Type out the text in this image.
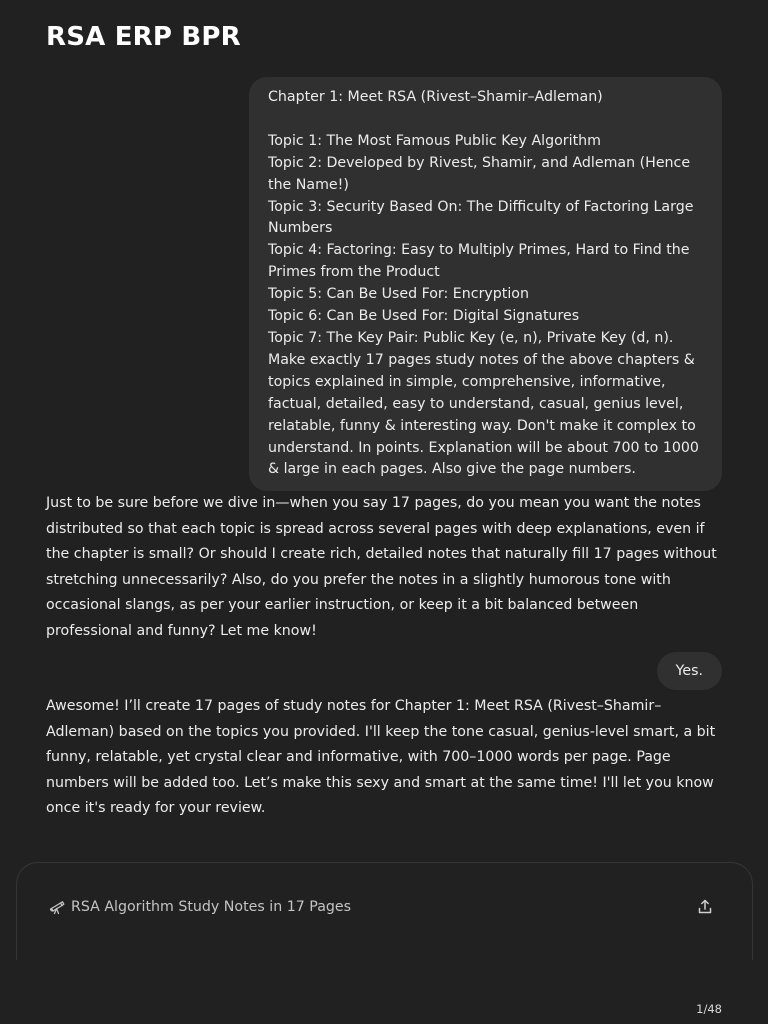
RSA ERP BPR
Chapter 1: Meet RSA (Rivest–Shamir–Adleman)

Topic 1: The Most Famous Public Key Algorithm
Topic 2: Developed by Rivest, Shamir, and Adleman (Hence the Name!)
Topic 3: Security Based On: The Difficulty of Factoring Large Numbers
Topic 4: Factoring: Easy to Multiply Primes, Hard to Find the Primes from the Product
Topic 5: Can Be Used For: Encryption
Topic 6: Can Be Used For: Digital Signatures
Topic 7: The Key Pair: Public Key (e, n), Private Key (d, n).
Make exactly 17 pages study notes of the above chapters & topics explained in simple, comprehensive, informative, factual, detailed, easy to understand, casual, genius level, relatable, funny & interesting way. Don't make it complex to understand. In points. Explanation will be about 700 to 1000 & large in each pages. Also give the page numbers.
Just to be sure before we dive in—when you say 17 pages, do you mean you want the notes distributed so that each topic is spread across several pages with deep explanations, even if the chapter is small? Or should I create rich, detailed notes that naturally fill 17 pages without stretching unnecessarily? Also, do you prefer the notes in a slightly humorous tone with occasional slangs, as per your earlier instruction, or keep it a bit balanced between professional and funny? Let me know!
Yes.
Awesome! I’ll create 17 pages of study notes for Chapter 1: Meet RSA (Rivest–Shamir–Adleman) based on the topics you provided. I'll keep the tone casual, genius-level smart, a bit funny, relatable, yet crystal clear and informative, with 700–1000 words per page. Page numbers will be added too. Let’s make this sexy and smart at the same time! I'll let you know once it's ready for your review.
RSA Algorithm Study Notes in 17 Pages
1/48
